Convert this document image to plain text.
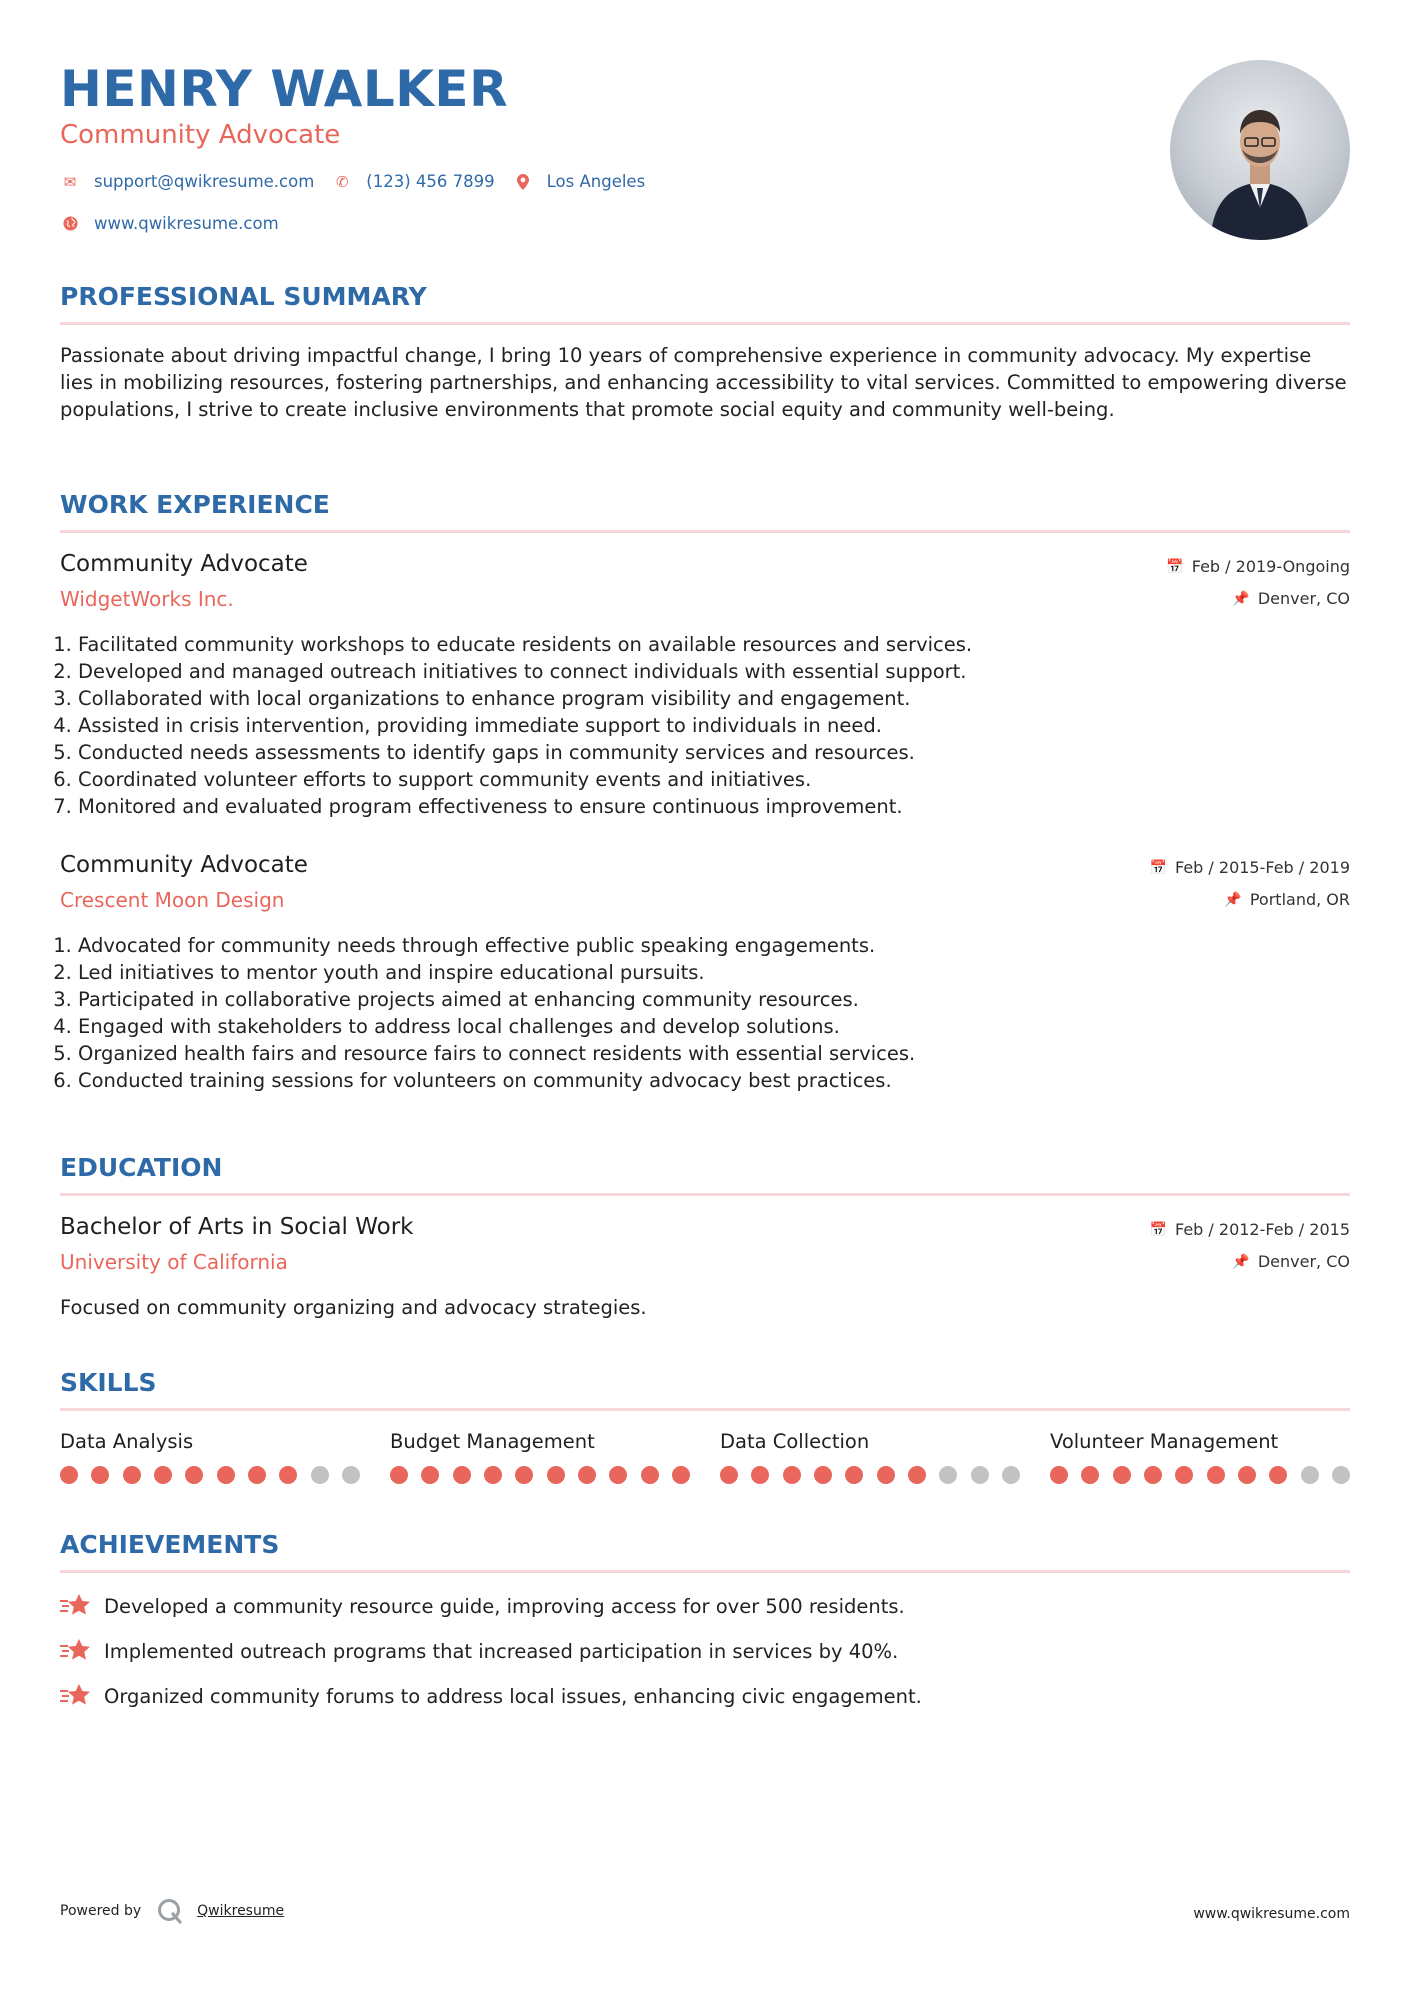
HENRY WALKER
Community Advocate
✉ support@qwikresume.com ✆ (123) 456 7899	Los Angeles
www.qwikresume.com
PROFESSIONAL SUMMARY

Passionate about driving impactful change, I bring 10 years of comprehensive experience in community advocacy. My expertise lies in mobilizing resources, fostering partnerships, and enhancing accessibility to vital services. Committed to empowering diverse populations, I strive to create inclusive environments that promote social equity and community well-being.

WORK EXPERIENCE
Community Advocate
WidgetWorks Inc.
📅 Feb / 2019-Ongoing
📌 Denver, CO
1. Facilitated community workshops to educate residents on available resources and services.
2. Developed and managed outreach initiatives to connect individuals with essential support.
3. Collaborated with local organizations to enhance program visibility and engagement.
4. Assisted in crisis intervention, providing immediate support to individuals in need.
5. Conducted needs assessments to identify gaps in community services and resources.
6. Coordinated volunteer efforts to support community events and initiatives.
7. Monitored and evaluated program effectiveness to ensure continuous improvement.
Community Advocate
Crescent Moon Design
📅 Feb / 2015-Feb / 2019
📌 Portland, OR
1. Advocated for community needs through effective public speaking engagements.
2. Led initiatives to mentor youth and inspire educational pursuits.
3. Participated in collaborative projects aimed at enhancing community resources.
4. Engaged with stakeholders to address local challenges and develop solutions.
5. Organized health fairs and resource fairs to connect residents with essential services.
6. Conducted training sessions for volunteers on community advocacy best practices.
EDUCATION
Bachelor of Arts in Social Work
University of California
📅 Feb / 2012-Feb / 2015
📌 Denver, CO
Focused on community organizing and advocacy strategies.
SKILLS
Data Analysis	Budget Management	Data Collection	Volunteer Management
ACHIEVEMENTS
Developed a community resource guide, improving access for over 500 residents.
Implemented outreach programs that increased participation in services by 40%.
Organized community forums to address local issues, enhancing civic engagement.
Powered by	Qwikresume	www.qwikresume.com
